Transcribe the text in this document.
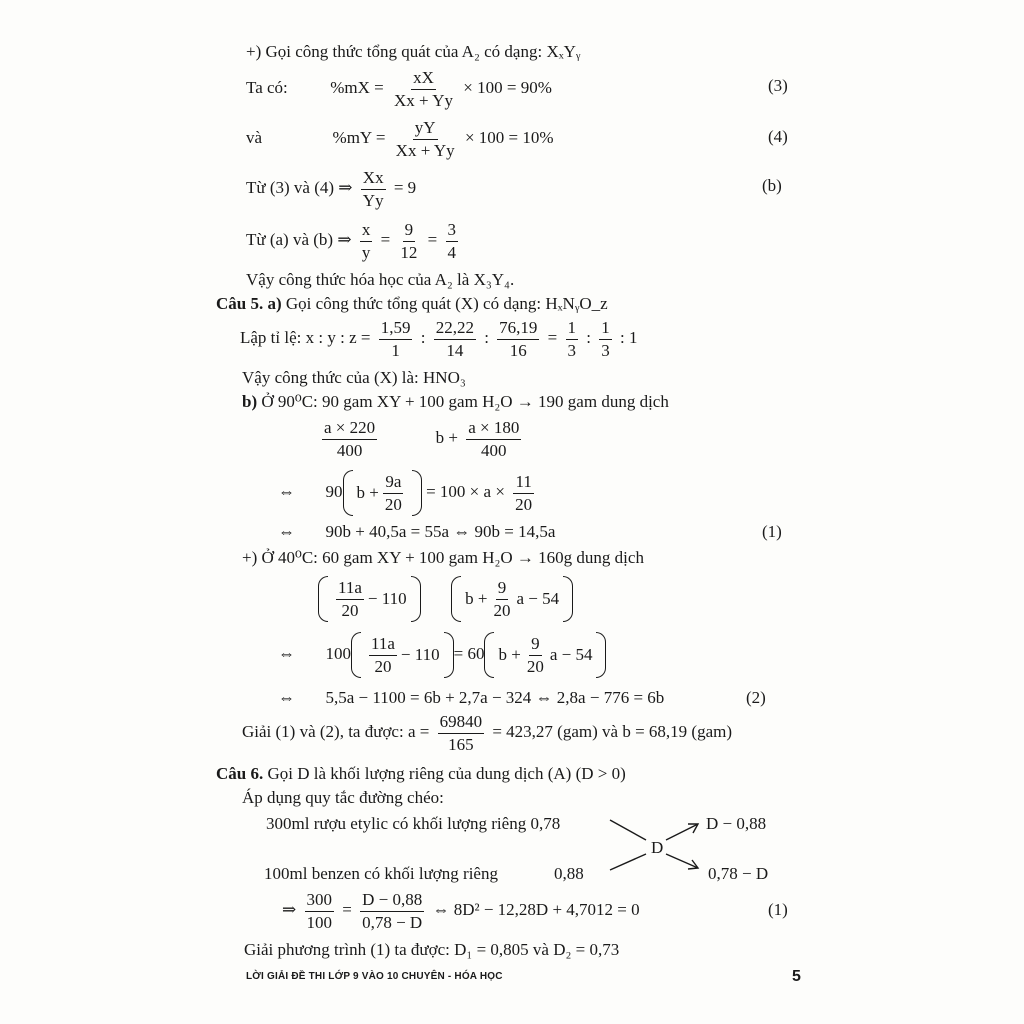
+) Gọi công thức tổng quát của A₂ có dạng: XₓYᵧ
Ta có:	$\%mX = \frac{xX}{Xx + Yy} \times 100 = 90\%$	(3)
và	$\%mY = \frac{yY}{Xx + Yy} \times 100 = 10\%$	(4)
Từ (3) và (4) ⇒ $\frac{Xx}{Yy} = 9$	(b)
Từ (a) và (b) ⇒ $\frac{x}{y} = \frac{9}{12} = \frac{3}{4}$
Vậy công thức hóa học của A₂ là X₃Y₄.
Câu 5. a) Gọi công thức tổng quát (X) có dạng: HₓNᵧO_z
Lập tỉ lệ: x : y : $z = \frac{1,59}{1}$ : $\frac{22,22}{14}$ : $\frac{76,19}{16} = \frac{1}{3}$ : $\frac{1}{3}$ : 1
Vậy công thức của (X) là: HNO₃
b) Ở 90⁰C: 90 gam XY + 100 gam H₂O → 190 gam dung dịch
$\frac{a \times 220}{400}$	$b + \frac{a \times 180}{400}$
⇔ 90 $b + \frac{9a}{20} = 100 \times a \times \frac{11}{20}$
⇔ 90b + 40,5a = 55a ⇔ 90b = 14,5a	(1)
+) Ở 40⁰C: 60 gam XY + 100 gam H₂O → 160g dung dịch
$\frac{11a}{20} - 110$
	$b + \frac{9}{20}$ a − 54
⇔ $100 \frac{11a}{20} - 110 = 60$ $b + \frac{9}{20}$ a − 54
⇔ 5,5a − 1100 = 6b + 2,7a − 324 ⇔ 2,8a − 776 = 6b	(2)
Giải (1) và (2), ta được: $a = \frac{69840}{165} = 423,27$ (gam) và b = 68,19 (gam)
Câu 6. Gọi D là khối lượng riêng của dung dịch (A) (D > 0)
Áp dụng quy tắc đường chéo:
300ml rượu etylic có khối lượng riêng 0,78	D − 0,88
D
100ml benzen có khối lượng riêng	0,88	0,78 − D
⇒ $\frac{300}{100} = \frac{D - 0,88}{0,78 - D}$ ⇔ 8D² − 12,28D + 4,7012 = 0	(1)
Giải phương trình (1) ta được: D₁ = 0,805 và D₂ = 0,73
LỜI GIẢI ĐỀ THI LỚP 9 VÀO 10 CHUYÊN - HÓA HỌC	5
